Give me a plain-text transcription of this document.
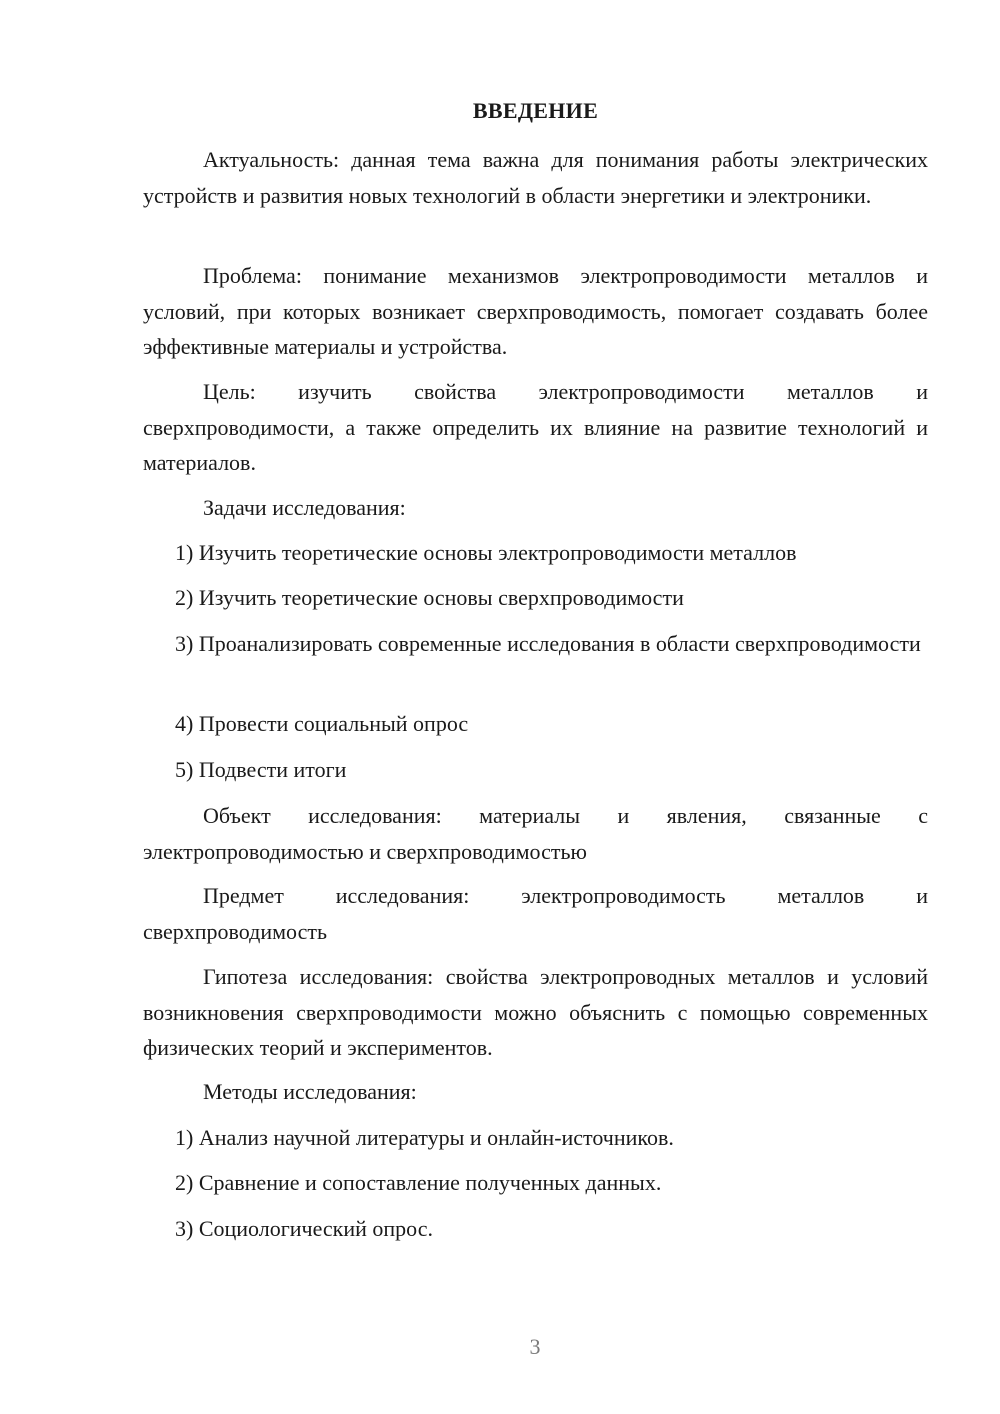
ВВЕДЕНИЕ

Актуальность: данная тема важна для понимания работы электрических устройств и развития новых технологий в области энергетики и электроники.

Проблема: понимание механизмов электропроводимости металлов и условий, при которых возникает сверхпроводимость, помогает создавать более эффективные материалы и устройства.

Цель: изучить свойства электропроводимости металлов и сверхпроводимости, а также определить их влияние на развитие технологий и материалов.

Задачи исследования:

1) Изучить теоретические основы электропроводимости металлов

2) Изучить теоретические основы сверхпроводимости

3) Проанализировать современные исследования в области сверхпроводимости

4) Провести социальный опрос

5) Подвести итоги

Объект исследования: материалы и явления, связанные с электропроводимостью и сверхпроводимостью

Предмет исследования: электропроводимость металлов и сверхпроводимость

Гипотеза исследования: свойства электропроводных металлов и условий возникновения сверхпроводимости можно объяснить с помощью современных физических теорий и экспериментов.

Методы исследования:

1) Анализ научной литературы и онлайн-источников.

2) Сравнение и сопоставление полученных данных.

3) Социологический опрос.

3
